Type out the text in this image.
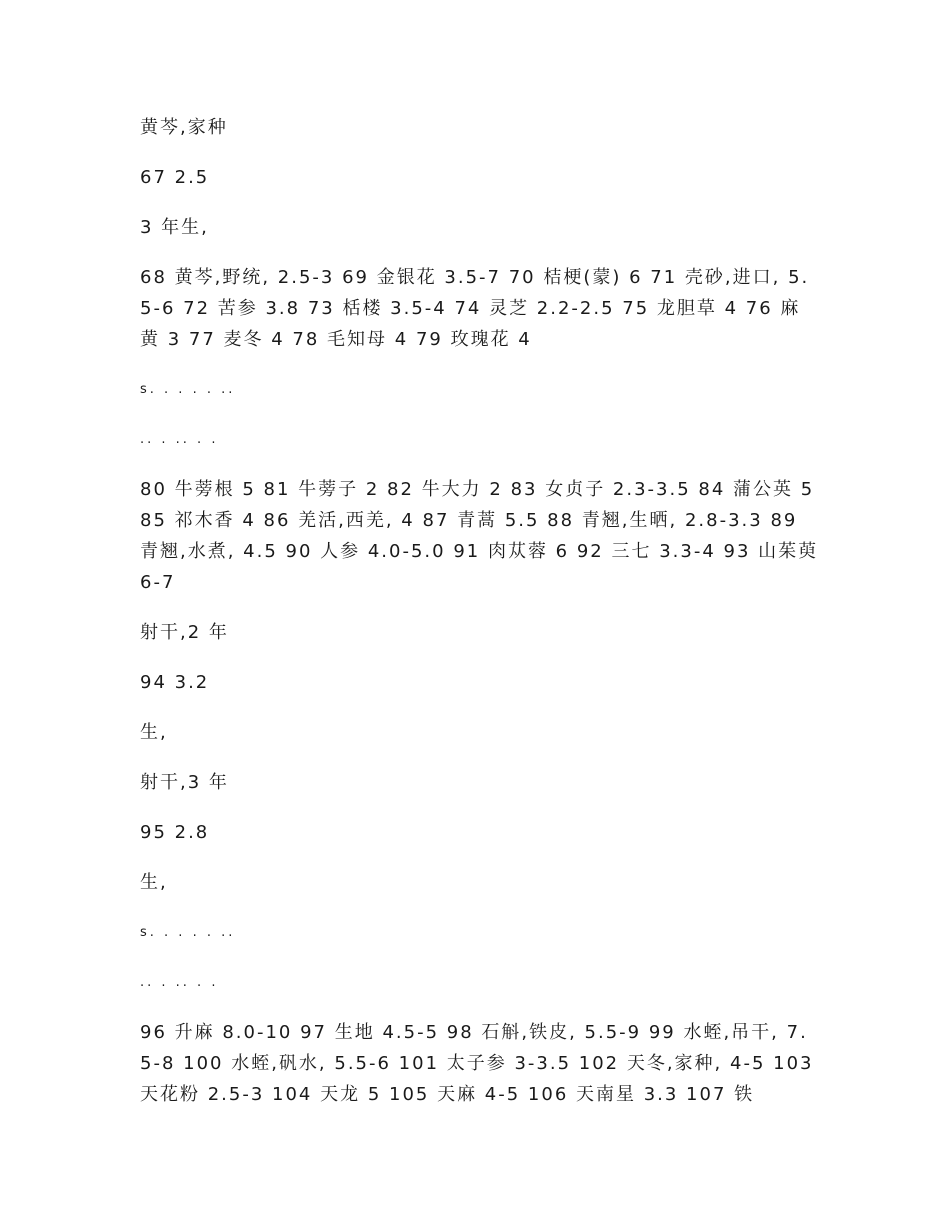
黄芩,家种

67 2.5

3 年生,

68 黄芩,野统, 2.5-3 69 金银花 3.5-7 70 桔梗(蒙) 6 71 壳砂,进口, 5.5-6 72 苦参 3.8 73 栝楼 3.5-4 74 灵芝 2.2-2.5 75 龙胆草 4 76 麻黄 3 77 麦冬 4 78 毛知母 4 79 玫瑰花 4

s. . . . . ..

.. . .. . .

80 牛蒡根 5 81 牛蒡子 2 82 牛大力 2 83 女贞子 2.3-3.5 84 蒲公英 5 85 祁木香 4 86 羌活,西羌, 4 87 青蒿 5.5 88 青翘,生晒, 2.8-3.3 89 青翘,水煮, 4.5 90 人参 4.0-5.0 91 肉苁蓉 6 92 三七 3.3-4 93 山茱萸 6-7

射干,2 年

94 3.2

生,

射干,3 年

95 2.8

生,

s. . . . . ..

.. . .. . .

96 升麻 8.0-10 97 生地 4.5-5 98 石斛,铁皮, 5.5-9 99 水蛭,吊干, 7.5-8 100 水蛭,矾水, 5.5-6 101 太子参 3-3.5 102 天冬,家种, 4-5 103 天花粉 2.5-3 104 天龙 5 105 天麻 4-5 106 天南星 3.3 107 铁
